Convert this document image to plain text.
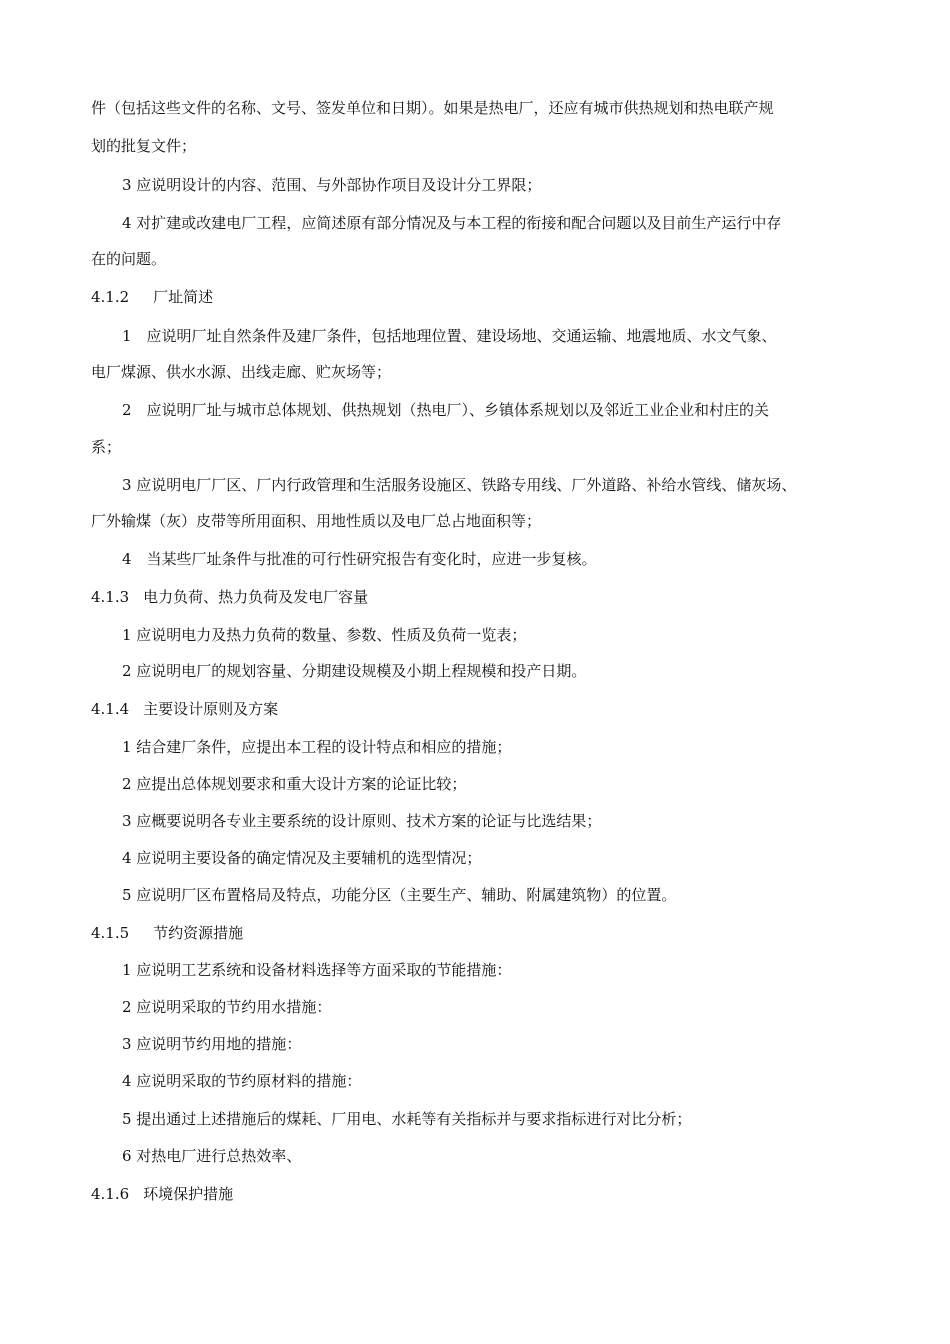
件（包括这些文件的名称、文号、签发单位和日期）。如果是热电厂，还应有城市供热规划和热电联产规
划的批复文件；
3 应说明设计的内容、范围、与外部协作项目及设计分工界限；
4 对扩建或改建电厂工程，应简述原有部分情况及与本工程的衔接和配合问题以及目前生产运行中存
在的问题。
4.1.2 厂址简述
1　应说明厂址自然条件及建厂条件，包括地理位置、建设场地、交通运输、地震地质、水文气象、
电厂煤源、供水水源、出线走廊、贮灰场等；
2　应说明厂址与城市总体规划、供热规划（热电厂）、乡镇体系规划以及邻近工业企业和村庄的关
系；
3 应说明电厂厂区、厂内行政管理和生活服务设施区、铁路专用线、厂外道路、补给水管线、储灰场、
厂外输煤（灰）皮带等所用面积、用地性质以及电厂总占地面积等；
4　当某些厂址条件与批准的可行性研究报告有变化时，应进一步复核。
4.1.3 电力负荷、热力负荷及发电厂容量
1 应说明电力及热力负荷的数量、参数、性质及负荷一览表；
2 应说明电厂的规划容量、分期建设规模及小期上程规模和投产日期。
4.1.4 主要设计原则及方案
1 结合建厂条件，应提出本工程的设计特点和相应的措施；
2 应提出总体规划要求和重大设计方案的论证比较；
3 应概要说明各专业主要系统的设计原则、技术方案的论证与比选结果；
4 应说明主要设备的确定情况及主要辅机的选型情况；
5 应说明厂区布置格局及特点，功能分区（主要生产、辅助、附属建筑物）的位置。
4.1.5 节约资源措施
1 应说明工艺系统和设备材料选择等方面采取的节能措施：
2 应说明采取的节约用水措施：
3 应说明节约用地的措施：
4 应说明采取的节约原材料的措施：
5 提出通过上述措施后的煤耗、厂用电、水耗等有关指标并与要求指标进行对比分析；
6 对热电厂进行总热效率、
4.1.6 环境保护措施
